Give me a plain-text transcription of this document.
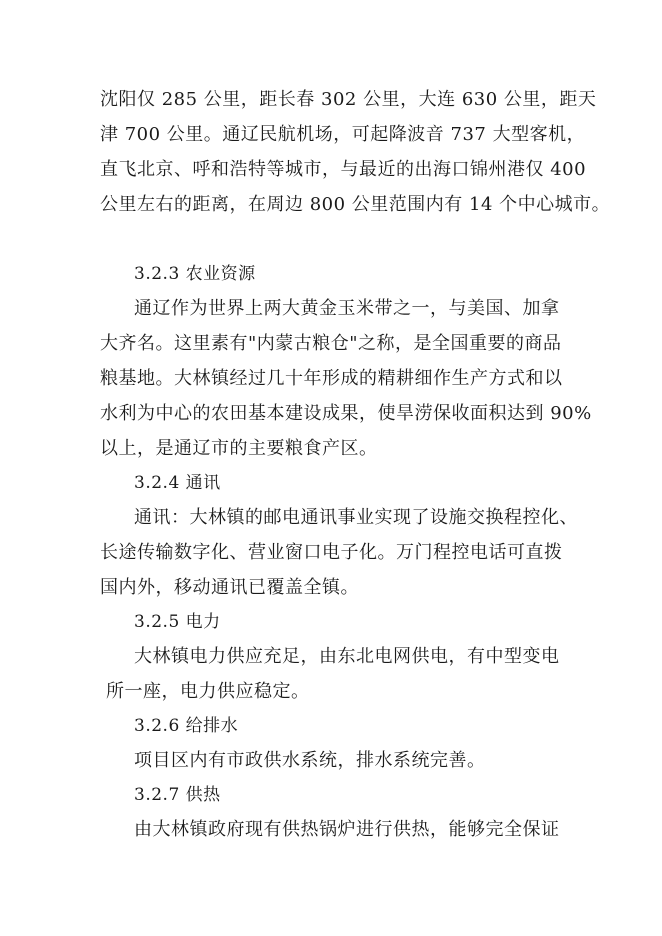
沈阳仅 285 公里，距长春 302 公里，大连 630 公里，距天
津 700 公里。通辽民航机场，可起降波音 737 大型客机，
直飞北京、呼和浩特等城市，与最近的出海口锦州港仅 400
公里左右的距离，在周边 800 公里范围内有 14 个中心城市。
3.2.3 农业资源
通辽作为世界上两大黄金玉米带之一，与美国、加拿
大齐名。这里素有"内蒙古粮仓"之称，是全国重要的商品
粮基地。大林镇经过几十年形成的精耕细作生产方式和以
水利为中心的农田基本建设成果，使旱涝保收面积达到 90%
以上，是通辽市的主要粮食产区。
3.2.4 通讯
通讯：大林镇的邮电通讯事业实现了设施交换程控化、
长途传输数字化、营业窗口电子化。万门程控电话可直拨
国内外，移动通讯已覆盖全镇。
3.2.5 电力
大林镇电力供应充足，由东北电网供电，有中型变电
所一座，电力供应稳定。
3.2.6 给排水
项目区内有市政供水系统，排水系统完善。
3.2.7 供热
由大林镇政府现有供热锅炉进行供热，能够完全保证
